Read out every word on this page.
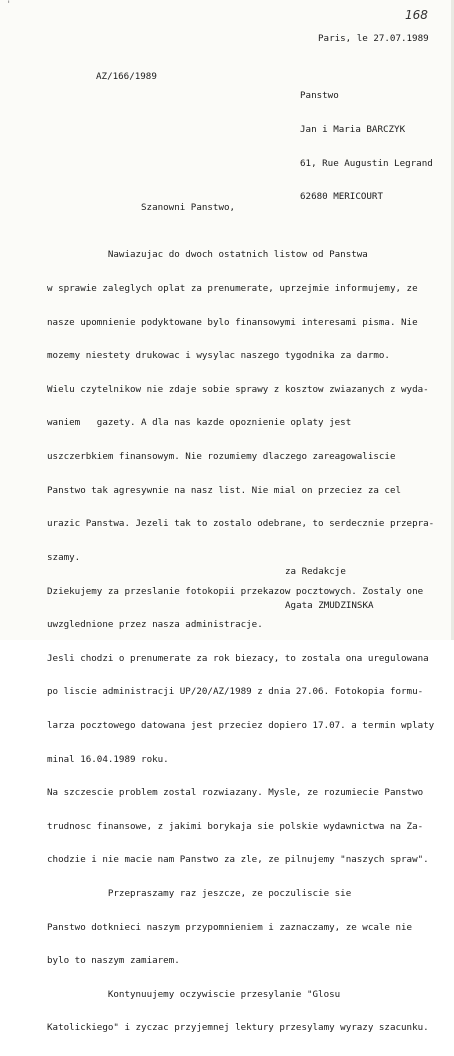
'
168
Paris, le 27.07.1989
AZ/166/1989

Panstwo

Jan i Maria BARCZYK

61, Rue Augustin Legrand

62680 MERICOURT

Szanowni Panstwo,

Nawiazujac do dwoch ostatnich listow od Panstwa

w sprawie zaleglych oplat za prenumerate, uprzejmie informujemy, ze

nasze upomnienie podyktowane bylo finansowymi interesami pisma. Nie

mozemy niestety drukowac i wysylac naszego tygodnika za darmo.

Wielu czytelnikow nie zdaje sobie sprawy z kosztow zwiazanych z wyda-

waniem   gazety. A dla nas kazde opoznienie oplaty jest

uszczerbkiem finansowym. Nie rozumiemy dlaczego zareagowaliscie

Panstwo tak agresywnie na nasz list. Nie mial on przeciez za cel

urazic Panstwa. Jezeli tak to zostalo odebrane, to serdecznie przepra-

szamy.

Dziekujemy za przeslanie fotokopii przekazow pocztowych. Zostaly one

uwzglednione przez nasza administracje.

Jesli chodzi o prenumerate za rok biezacy, to zostala ona uregulowana

po liscie administracji UP/20/AZ/1989 z dnia 27.06. Fotokopia formu-

larza pocztowego datowana jest przeciez dopiero 17.07. a termin wplaty

minal 16.04.1989 roku.

Na szczescie problem zostal rozwiazany. Mysle, ze rozumiecie Panstwo

trudnosc finansowe, z jakimi borykaja sie polskie wydawnictwa na Za-

chodzie i nie macie nam Panstwo za zle, ze pilnujemy "naszych spraw".

Przepraszamy raz jeszcze, ze poczuliscie sie

Panstwo dotknieci naszym przypomnieniem i zaznaczamy, ze wcale nie

bylo to naszym zamiarem.

Kontynuujemy oczywiscie przesylanie "Glosu

Katolickiego" i zyczac przyjemnej lektury przesylamy wyrazy szacunku.

za Redakcje

Agata ZMUDZINSKA
